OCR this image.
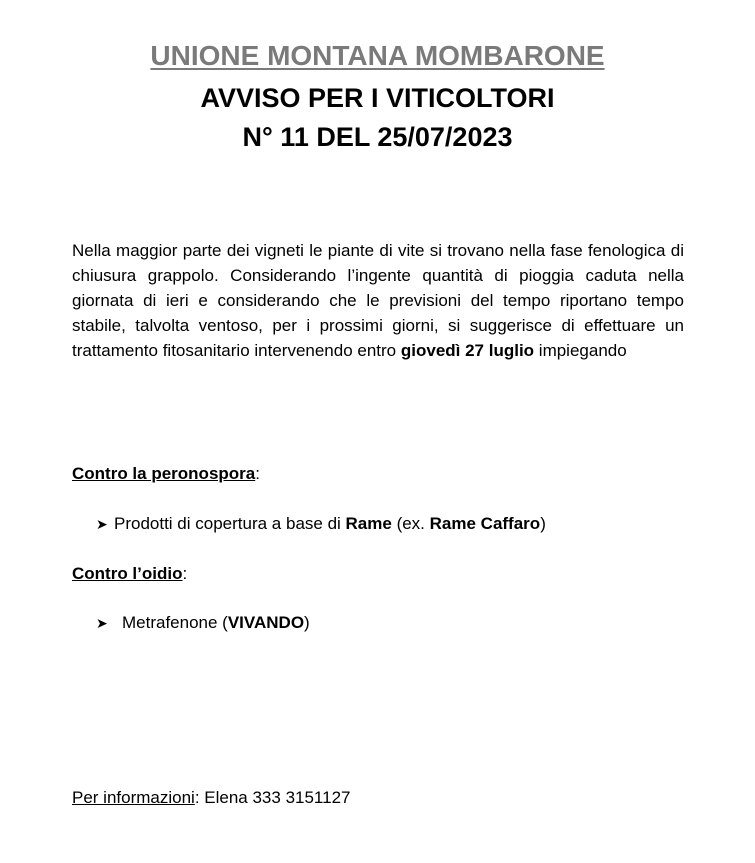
UNIONE MONTANA MOMBARONE
AVVISO PER I VITICOLTORI
N° 11 DEL 25/07/2023
Nella maggior parte dei vigneti le piante di vite si trovano nella fase fenologica di chiusura grappolo. Considerando l’ingente quantità di pioggia caduta nella giornata di ieri e considerando che le previsioni del tempo riportano tempo stabile, talvolta ventoso, per i prossimi giorni, si suggerisce di effettuare un trattamento fitosanitario intervenendo entro giovedì 27 luglio impiegando
Contro la peronospora:
➤ Prodotti di copertura a base di Rame (ex. Rame Caffaro)
Contro l’oidio:
➤ Metrafenone (VIVANDO)
Per informazioni: Elena 333 3151127
